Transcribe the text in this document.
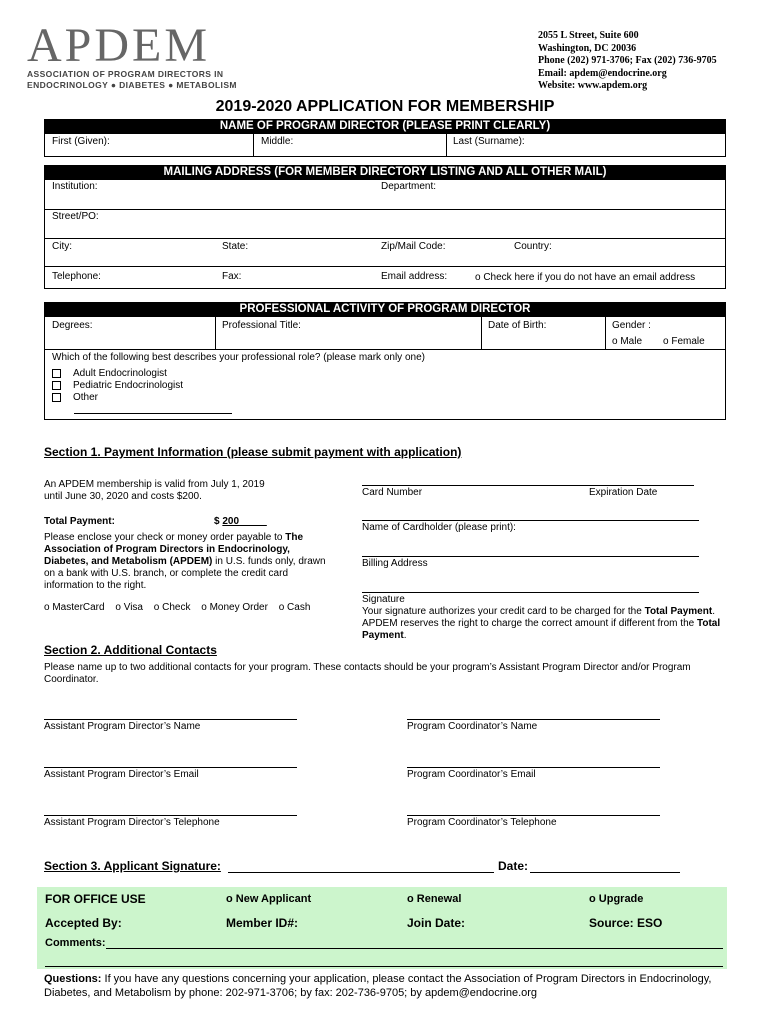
APDEM
ASSOCIATION OF PROGRAM DIRECTORS IN
ENDOCRINOLOGY ● DIABETES ● METABOLISM
2055 L Street, Suite 600
Washington, DC 20036
Phone (202) 971-3706; Fax (202) 736-9705
Email: apdem@endocrine.org
Website: www.apdem.org
2019-2020 APPLICATION FOR MEMBERSHIP
NAME OF PROGRAM DIRECTOR (PLEASE PRINT CLEARLY)
First (Given):	Middle:	Last (Surname):
MAILING ADDRESS (FOR MEMBER DIRECTORY LISTING AND ALL OTHER MAIL)
Institution:	Department:
Street/PO:
City:	State:	Zip/Mail Code:	Country:
Telephone:	Fax:	Email address:	o Check here if you do not have an email address
PROFESSIONAL ACTIVITY OF PROGRAM DIRECTOR
Degrees:	Professional Title:	Date of Birth:	Gender :
o Male o Female
Which of the following best describes your professional role? (please mark only one)
Adult Endocrinologist
Pediatric Endocrinologist
Other
Section 1. Payment Information (please submit payment with application)
An APDEM membership is valid from July 1, 2019
until June 30, 2020 and costs $200.
Total Payment:	$ 200
Please enclose your check or money order payable to The Association of Program Directors in Endocrinology, Diabetes, and Metabolism (APDEM) in U.S. funds only, drawn on a bank with U.S. branch, or complete the credit card information to the right.
o MasterCard o Visa o Check o Money Order o Cash
Card Number	Expiration Date
Name of Cardholder (please print):
Billing Address
Signature
Your signature authorizes your credit card to be charged for the Total Payment. APDEM reserves the right to charge the correct amount if different from the Total Payment.
Section 2. Additional Contacts
Please name up to two additional contacts for your program. These contacts should be your program’s Assistant Program Director and/or Program Coordinator.
Assistant Program Director’s Name	Program Coordinator’s Name
Assistant Program Director’s Email	Program Coordinator’s Email
Assistant Program Director’s Telephone	Program Coordinator’s Telephone
Section 3. Applicant Signature:	Date:
FOR OFFICE USE	o New Applicant	o Renewal	o Upgrade
Accepted By:	Member ID#:	Join Date:	Source: ESO
Comments:
Questions: If you have any questions concerning your application, please contact the Association of Program Directors in Endocrinology, Diabetes, and Metabolism by phone: 202-971-3706; by fax: 202-736-9705; by apdem@endocrine.org
